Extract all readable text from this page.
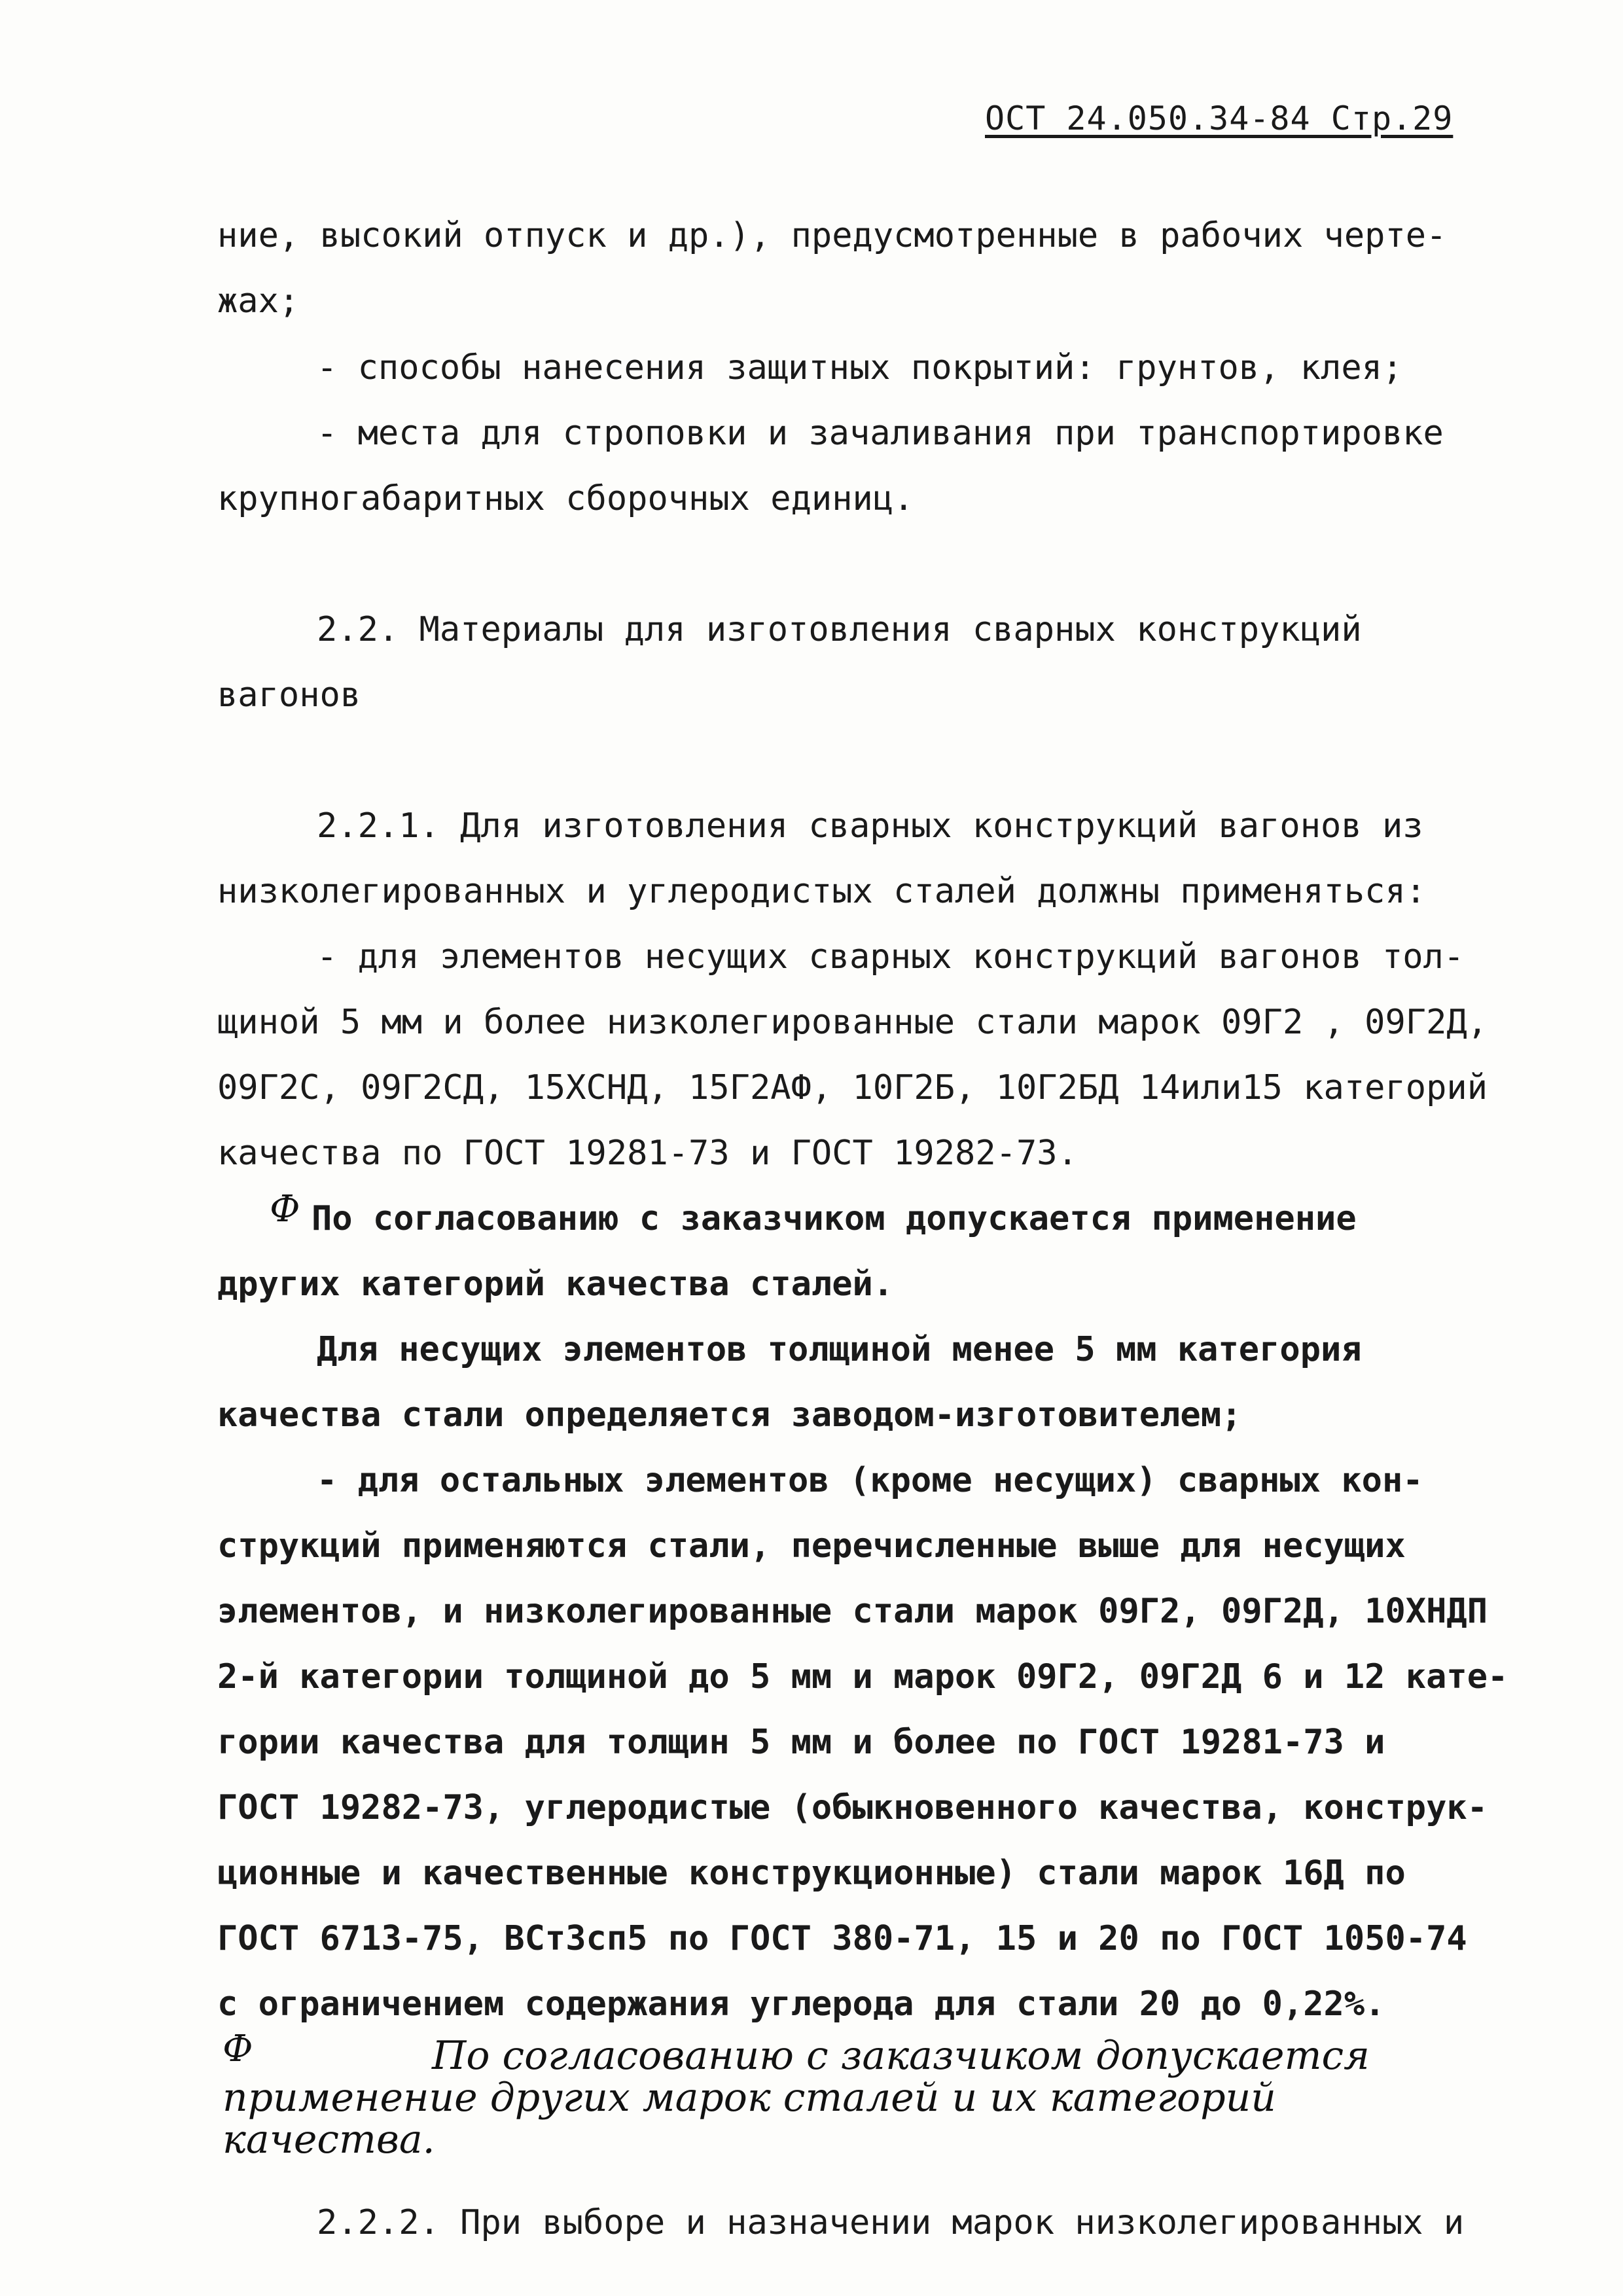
ОСТ 24.050.34-84 Стр.29
ние, высокий отпуск и др.), предусмотренные в рабочих черте-
жах;
- способы нанесения защитных покрытий: грунтов, клея;
- места для строповки и зачаливания при транспортировке
крупногабаритных сборочных единиц.
2.2. Материалы для изготовления сварных конструкций
вагонов
2.2.1. Для изготовления сварных конструкций вагонов из
низколегированных и углеродистых сталей должны применяться:
- для элементов несущих сварных конструкций вагонов тол-
щиной 5 мм и более низколегированные стали марок 09Г2 , 09Г2Д,
09Г2С, 09Г2СД, 15ХСНД, 15Г2АФ, 10Г2Б, 10Г2БД 14или15 категорий
качества по ГОСТ 19281-73 и ГОСТ 19282-73.
Ф По согласованию с заказчиком допускается применение
других категорий качества сталей.
Для несущих элементов толщиной менее 5 мм категория
качества стали определяется заводом-изготовителем;
- для остальных элементов (кроме несущих) сварных кон-
струкций применяются стали, перечисленные выше для несущих
элементов, и низколегированные стали марок 09Г2, 09Г2Д, 10ХНДП
2-й категории толщиной до 5 мм и марок 09Г2, 09Г2Д 6 и 12 кате-
гории качества для толщин 5 мм и более по ГОСТ 19281-73 и
ГОСТ 19282-73, углеродистые (обыкновенного качества, конструк-
ционные и качественные конструкционные) стали марок 16Д по
ГОСТ 6713-75, ВСт3сп5 по ГОСТ 380-71, 15 и 20 по ГОСТ 1050-74
с ограничением содержания углерода для стали 20 до 0,22%.
Ф	По согласованию с заказчиком допускается
применение других марок сталей и их категорий
качества.
2.2.2. При выборе и назначении марок низколегированных и
